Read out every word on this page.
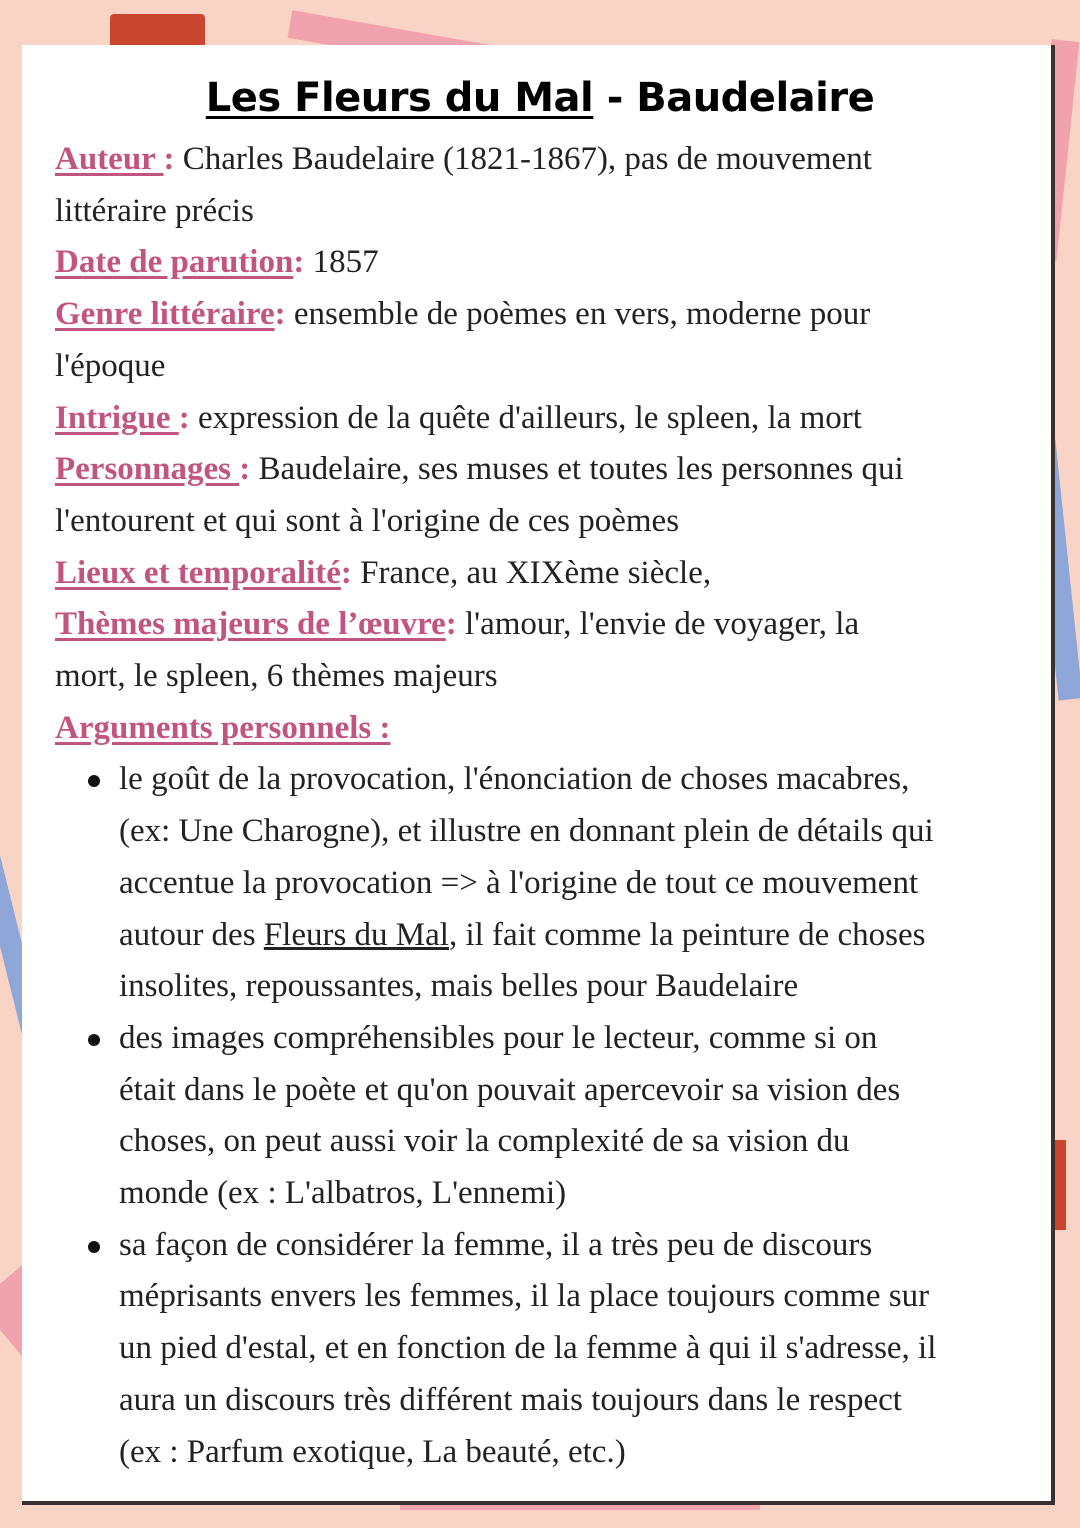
Les Fleurs du Mal - Baudelaire
Auteur : Charles Baudelaire (1821-1867), pas de mouvement
littéraire précis
Date de parution: 1857
Genre littéraire: ensemble de poèmes en vers, moderne pour
l'époque
Intrigue : expression de la quête d'ailleurs, le spleen, la mort
Personnages : Baudelaire, ses muses et toutes les personnes qui
l'entourent et qui sont à l'origine de ces poèmes
Lieux et temporalité: France, au XIXème siècle,
Thèmes majeurs de l’œuvre: l'amour, l'envie de voyager, la
mort, le spleen, 6 thèmes majeurs
Arguments personnels :
le goût de la provocation, l'énonciation de choses macabres,
(ex: Une Charogne), et illustre en donnant plein de détails qui
accentue la provocation => à l'origine de tout ce mouvement
autour des Fleurs du Mal, il fait comme la peinture de choses
insolites, repoussantes, mais belles pour Baudelaire
des images compréhensibles pour le lecteur, comme si on
était dans le poète et qu'on pouvait apercevoir sa vision des
choses, on peut aussi voir la complexité de sa vision du
monde (ex : L'albatros, L'ennemi)
sa façon de considérer la femme, il a très peu de discours
méprisants envers les femmes, il la place toujours comme sur
un pied d'estal, et en fonction de la femme à qui il s'adresse, il
aura un discours très différent mais toujours dans le respect
(ex : Parfum exotique, La beauté, etc.)
